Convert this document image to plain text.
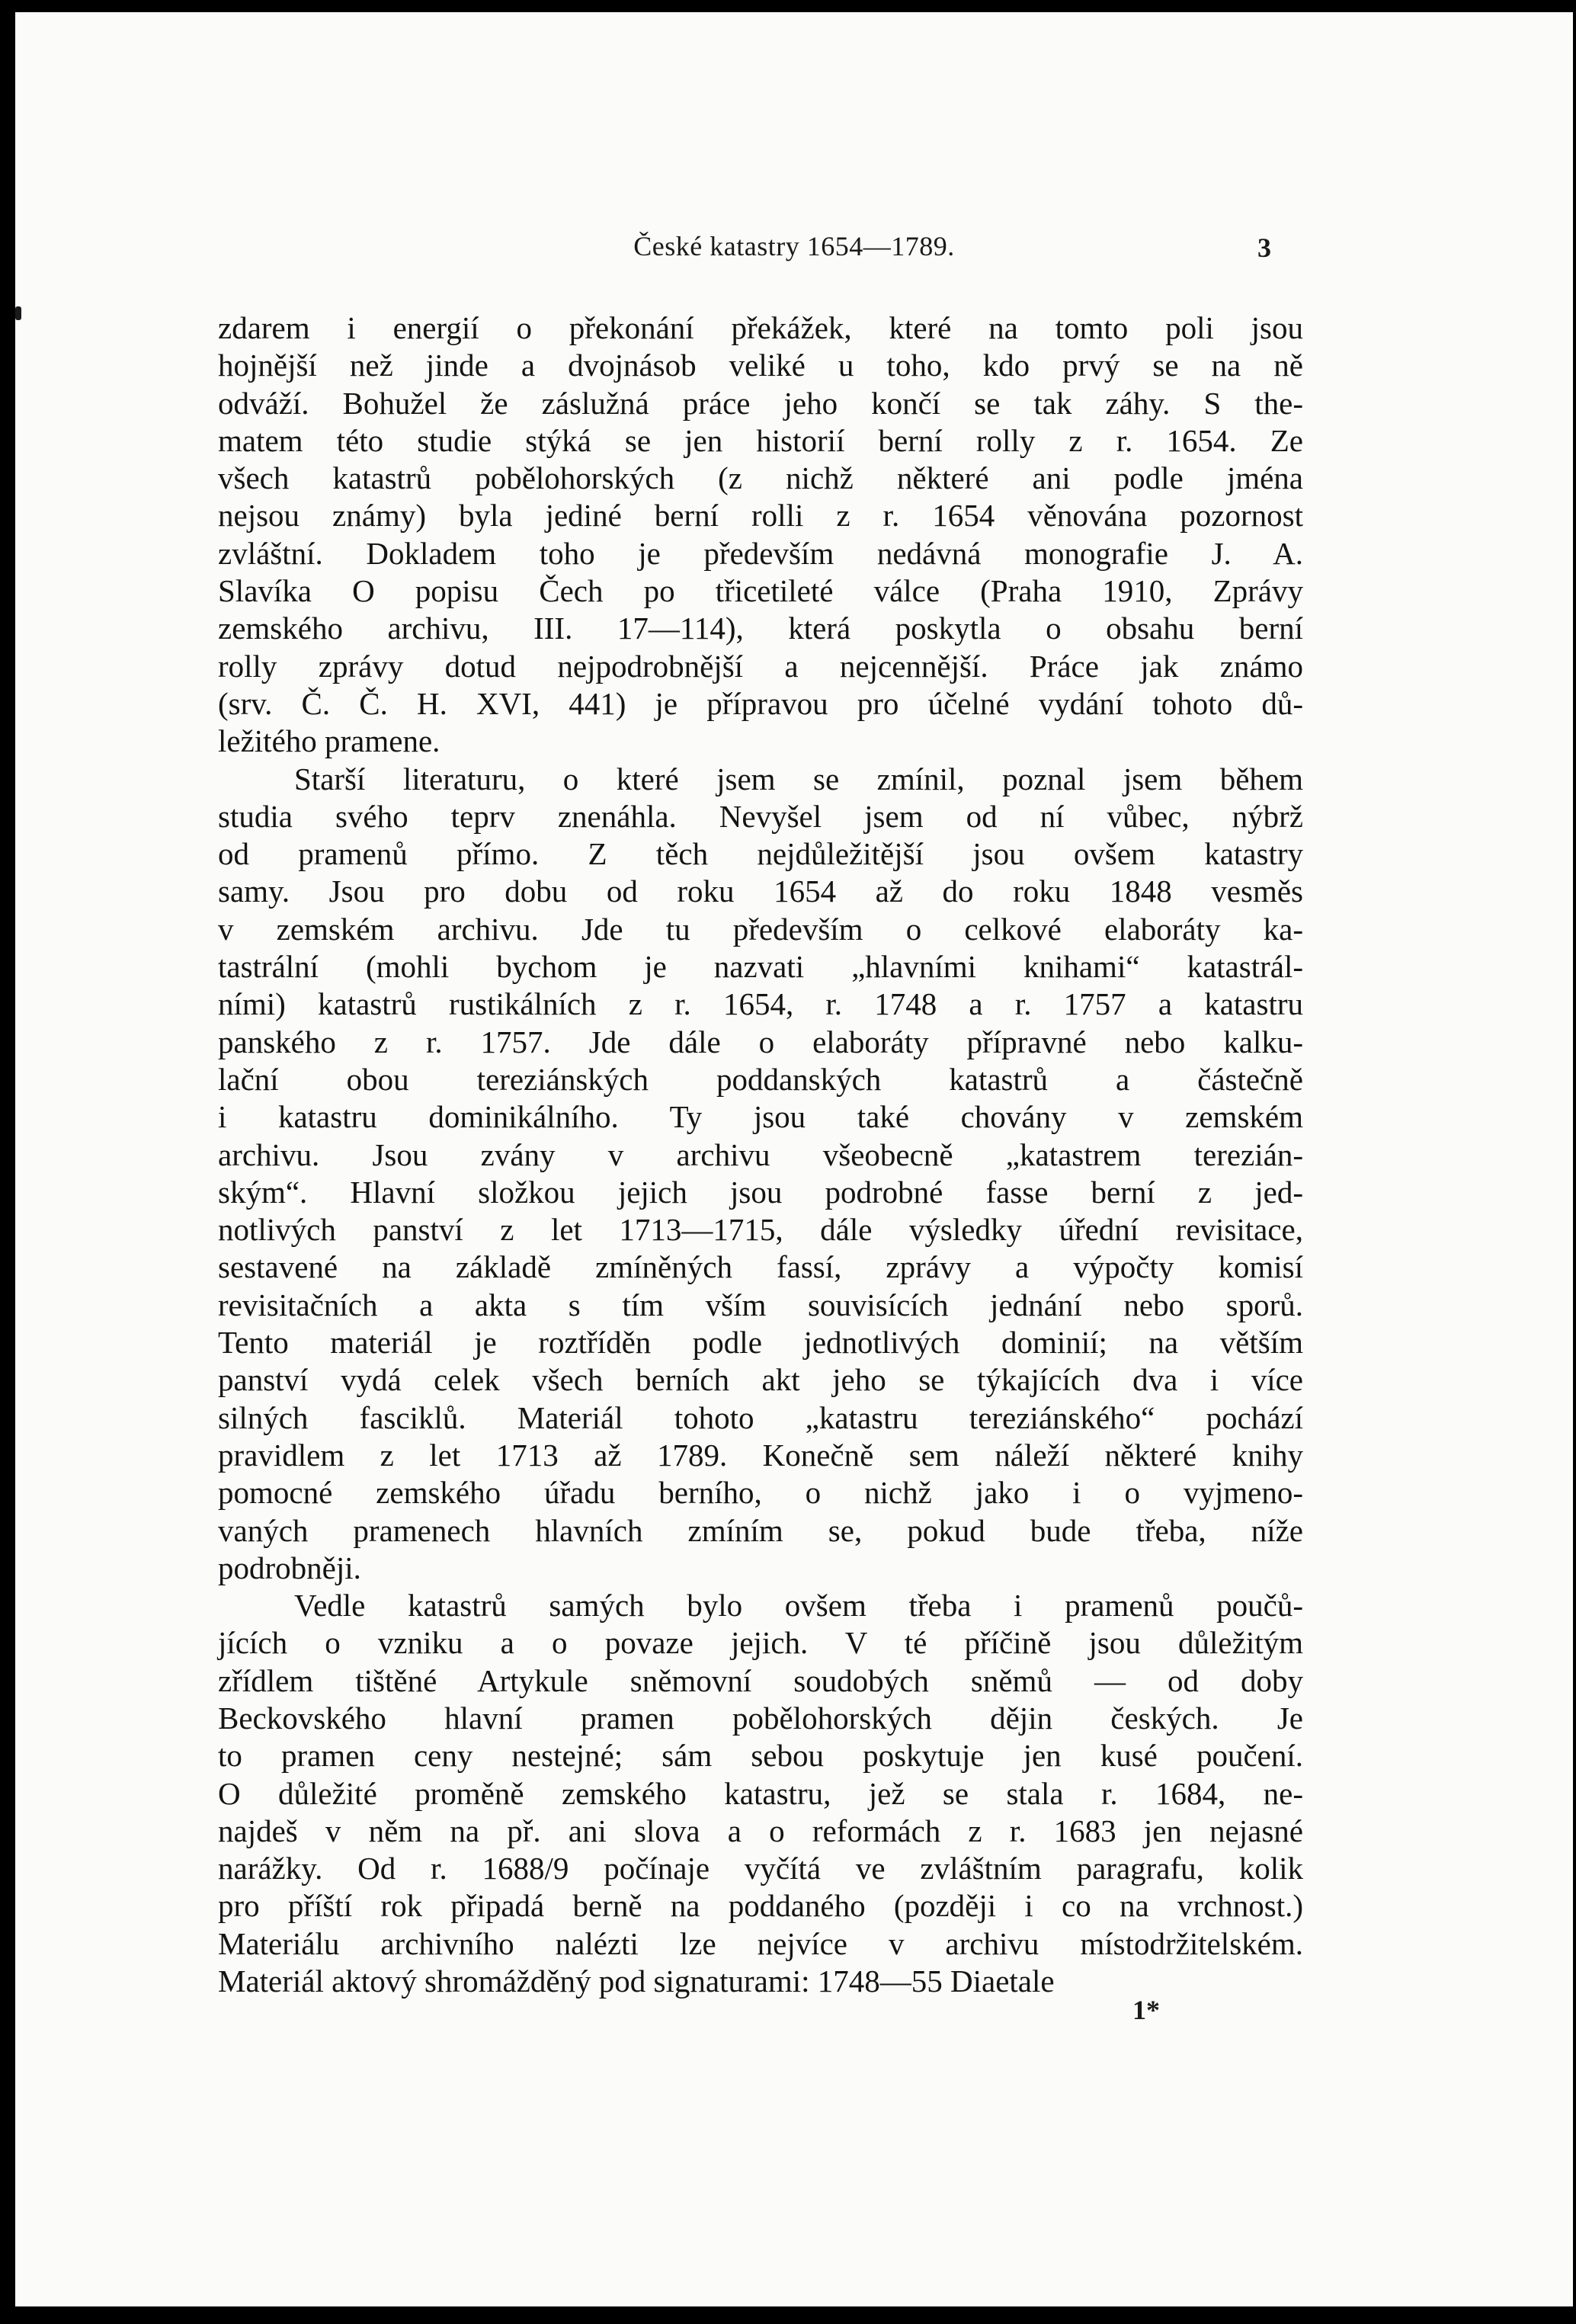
České katastry 1654—1789.	3
zdarem i energií o překonání překážek, které na tomto poli jsou
hojnější než jinde a dvojnásob veliké u toho, kdo prvý se na ně
odváží. Bohužel že záslužná práce jeho končí se tak záhy. S the-
matem této studie stýká se jen historií berní rolly z r. 1654. Ze
všech katastrů pobělohorských (z nichž některé ani podle jména
nejsou známy) byla jediné berní rolli z r. 1654 věnována pozornost
zvláštní. Dokladem toho je především nedávná monografie J. A.
Slavíka O popisu Čech po třicetileté válce (Praha 1910, Zprávy
zemského archivu, III. 17—114), která poskytla o obsahu berní
rolly zprávy dotud nejpodrobnější a nejcennější. Práce jak známo
(srv. Č. Č. H. XVI, 441) je přípravou pro účelné vydání tohoto dů-
ležitého pramene.
Starší literaturu, o které jsem se zmínil, poznal jsem během
studia svého teprv znenáhla. Nevyšel jsem od ní vůbec, nýbrž
od pramenů přímo. Z těch nejdůležitější jsou ovšem katastry
samy. Jsou pro dobu od roku 1654 až do roku 1848 vesměs
v zemském archivu. Jde tu především o celkové elaboráty ka-
tastrální (mohli bychom je nazvati „hlavními knihami“ katastrál-
ními) katastrů rustikálních z r. 1654, r. 1748 a r. 1757 a katastru
panského z r. 1757. Jde dále o elaboráty přípravné nebo kalku-
lační obou tereziánských poddanských katastrů a částečně
i katastru dominikálního. Ty jsou také chovány v zemském
archivu. Jsou zvány v archivu všeobecně „katastrem terezián-
ským“. Hlavní složkou jejich jsou podrobné fasse berní z jed-
notlivých panství z let 1713—1715, dále výsledky úřední revisitace,
sestavené na základě zmíněných fassí, zprávy a výpočty komisí
revisitačních a akta s tím vším souvisících jednání nebo sporů.
Tento materiál je roztříděn podle jednotlivých dominií; na větším
panství vydá celek všech berních akt jeho se týkajících dva i více
silných fasciklů. Materiál tohoto „katastru tereziánského“ pochází
pravidlem z let 1713 až 1789. Konečně sem náleží některé knihy
pomocné zemského úřadu berního, o nichž jako i o vyjmeno-
vaných pramenech hlavních zmíním se, pokud bude třeba, níže
podrobněji.
Vedle katastrů samých bylo ovšem třeba i pramenů poučů-
jících o vzniku a o povaze jejich. V té příčině jsou důležitým
zřídlem tištěné Artykule sněmovní soudobých sněmů — od doby
Beckovského hlavní pramen pobělohorských dějin českých. Je
to pramen ceny nestejné; sám sebou poskytuje jen kusé poučení.
O důležité proměně zemského katastru, jež se stala r. 1684, ne-
najdeš v něm na př. ani slova a o reformách z r. 1683 jen nejasné
narážky. Od r. 1688/9 počínaje vyčítá ve zvláštním paragrafu, kolik
pro příští rok připadá berně na poddaného (později i co na vrchnost.)
Materiálu archivního nalézti lze nejvíce v archivu místodržitelském.
Materiál aktový shromážděný pod signaturami: 1748—55 Diaetale
1*
